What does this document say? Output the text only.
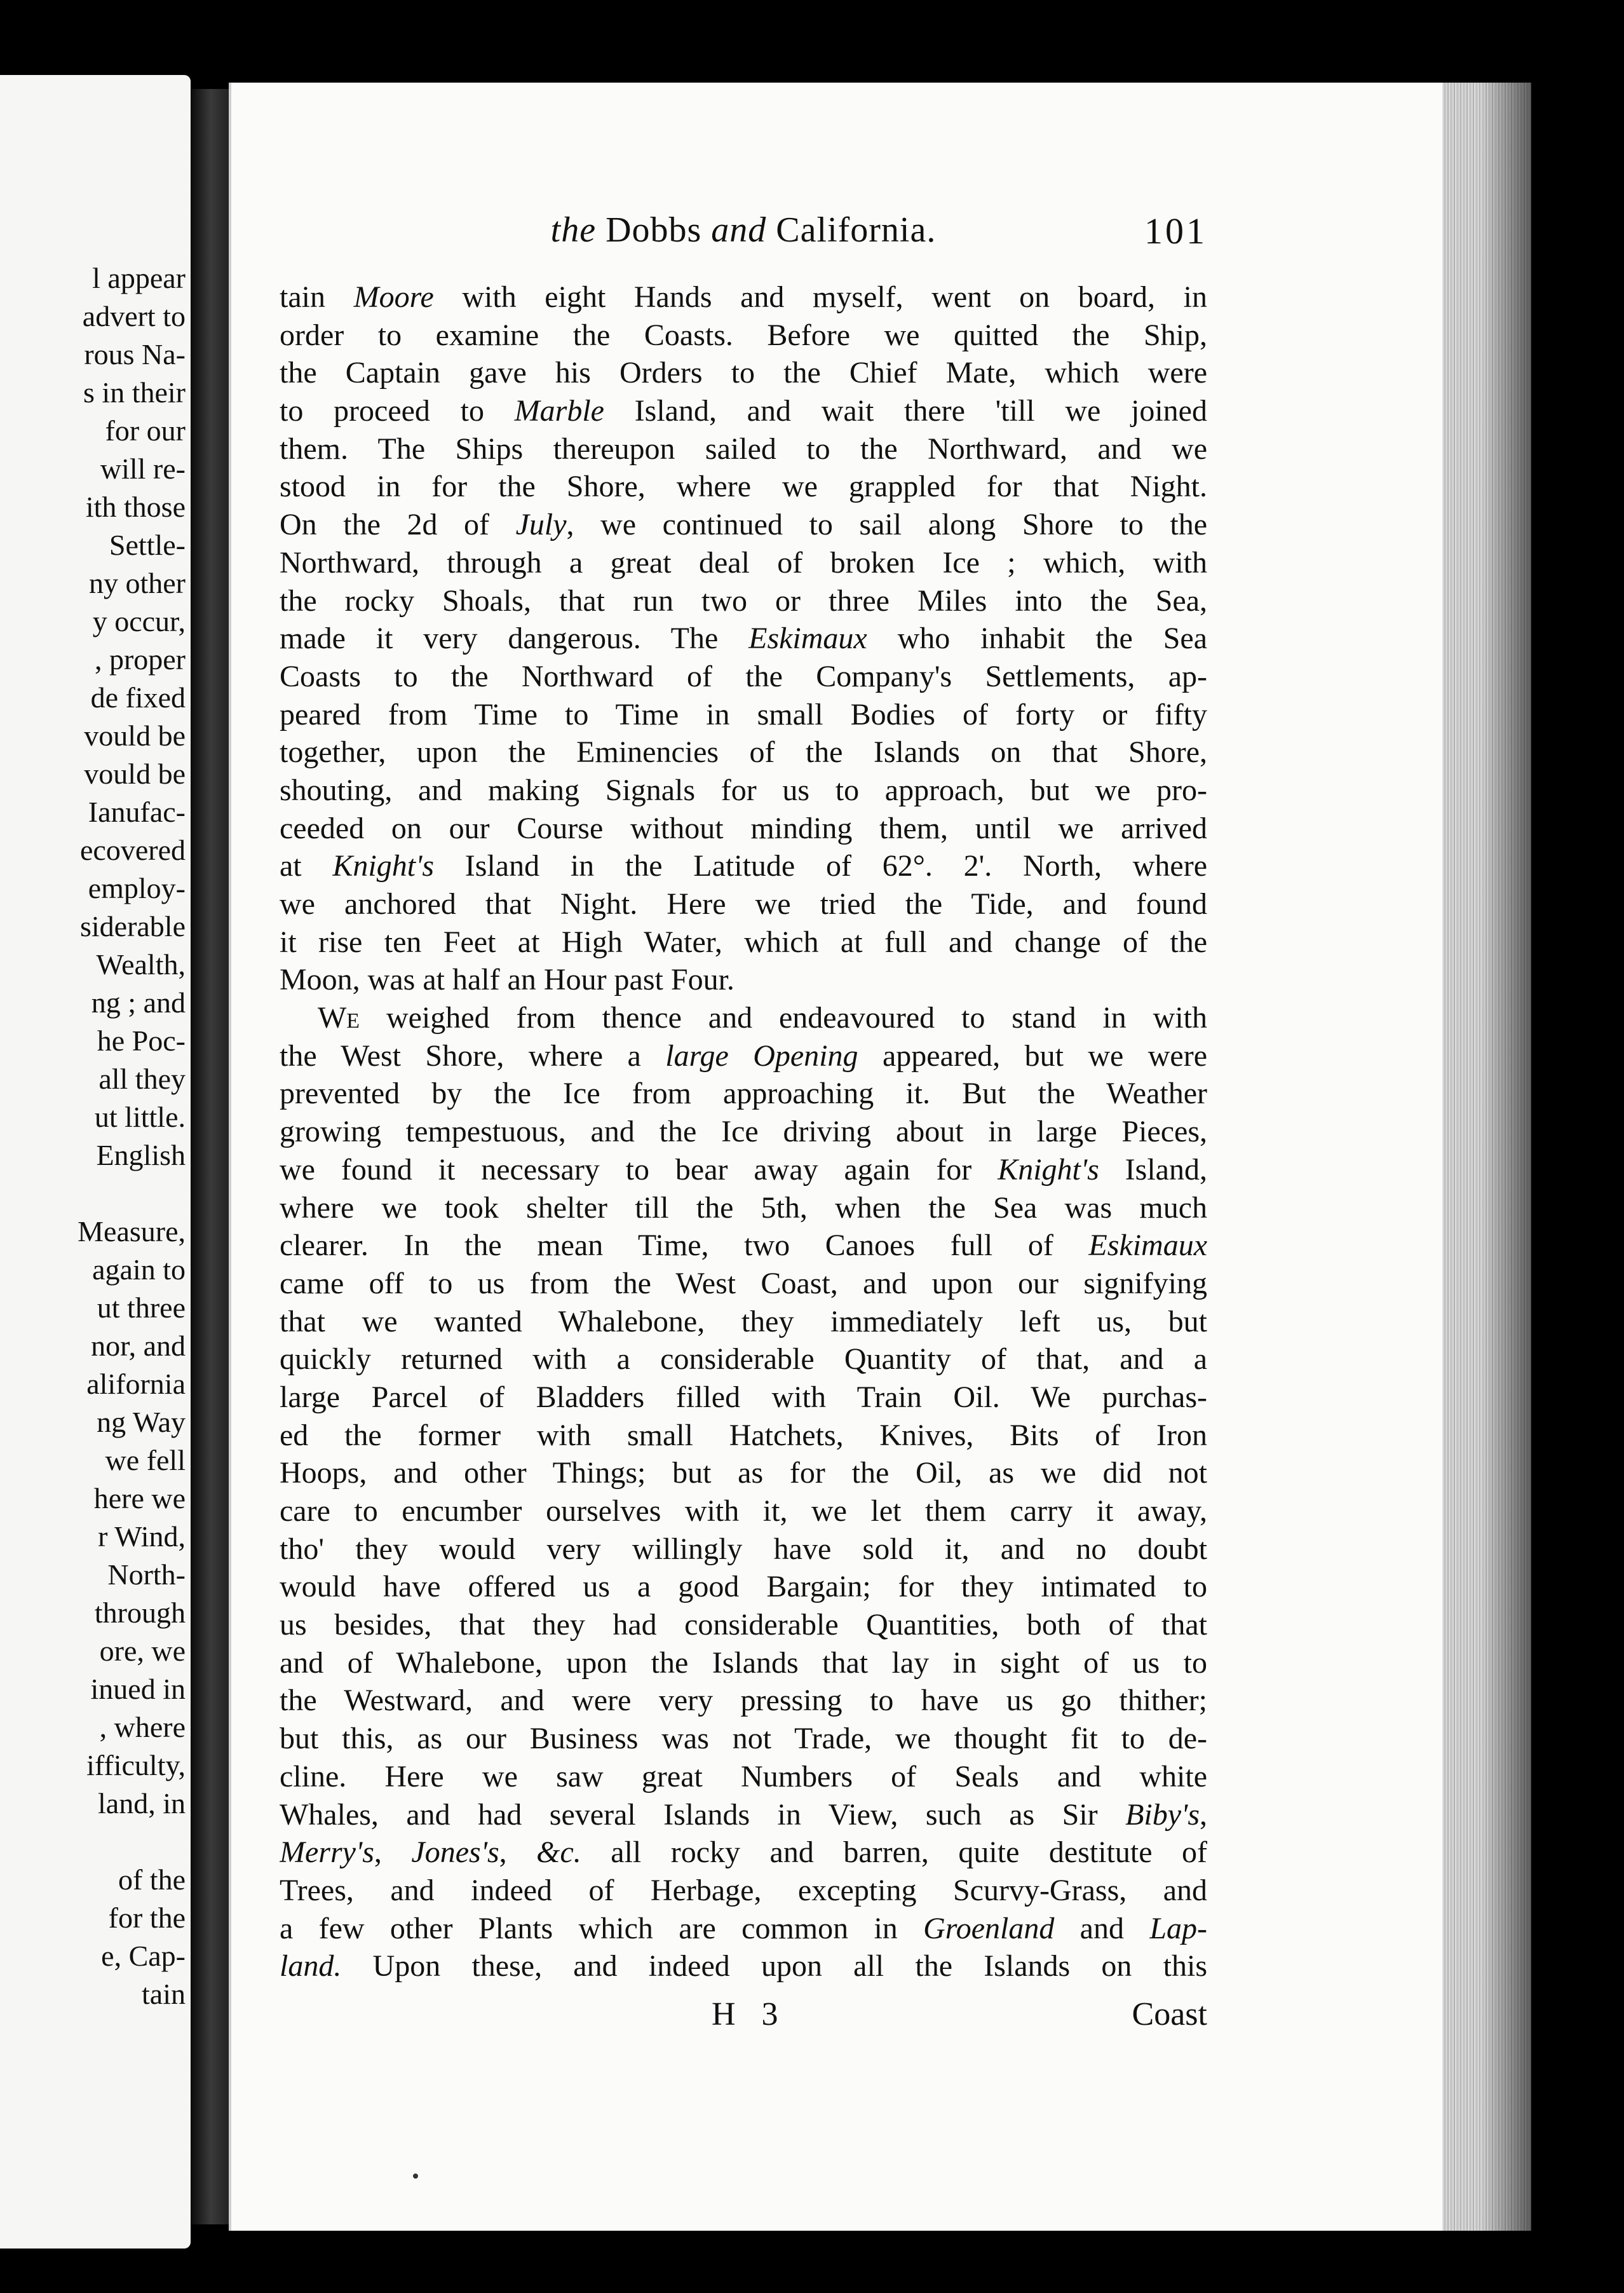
l appear
advert to
rous Na-
s in their
for our
will re-
ith those
Settle-
ny other
y occur,
, proper
de fixed
vould be
vould be
Ianufac-
ecovered
employ-
siderable
Wealth,
ng ; and
he Poc-
all they
ut little.
English
Measure,
again to
ut three
nor, and
alifornia
ng Way
we fell
here we
r Wind,
North-
through
ore, we
inued in
, where
ifficulty,
land, in
of the
for the
e, Cap-
tain
the Dobbs and California.	101
tain Moore with eight Hands and myself, went on board, in
order to examine the Coasts. Before we quitted the Ship,
the Captain gave his Orders to the Chief Mate, which were
to proceed to Marble Island, and wait there 'till we joined
them. The Ships thereupon sailed to the Northward, and we
stood in for the Shore, where we grappled for that Night.
On the 2d of July, we continued to sail along Shore to the
Northward, through a great deal of broken Ice ; which, with
the rocky Shoals, that run two or three Miles into the Sea,
made it very dangerous. The Eskimaux who inhabit the Sea
Coasts to the Northward of the Company's Settlements, ap-
peared from Time to Time in small Bodies of forty or fifty
together, upon the Eminencies of the Islands on that Shore,
shouting, and making Signals for us to approach, but we pro-
ceeded on our Course without minding them, until we arrived
at Knight's Island in the Latitude of 62°. 2'. North, where
we anchored that Night. Here we tried the Tide, and found
it rise ten Feet at High Water, which at full and change of the
Moon, was at half an Hour past Four.
We weighed from thence and endeavoured to stand in with
the West Shore, where a large Opening appeared, but we were
prevented by the Ice from approaching it. But the Weather
growing tempestuous, and the Ice driving about in large Pieces,
we found it necessary to bear away again for Knight's Island,
where we took shelter till the 5th, when the Sea was much
clearer. In the mean Time, two Canoes full of Eskimaux
came off to us from the West Coast, and upon our signifying
that we wanted Whalebone, they immediately left us, but
quickly returned with a considerable Quantity of that, and a
large Parcel of Bladders filled with Train Oil. We purchas-
ed the former with small Hatchets, Knives, Bits of Iron
Hoops, and other Things; but as for the Oil, as we did not
care to encumber ourselves with it, we let them carry it away,
tho' they would very willingly have sold it, and no doubt
would have offered us a good Bargain; for they intimated to
us besides, that they had considerable Quantities, both of that
and of Whalebone, upon the Islands that lay in sight of us to
the Westward, and were very pressing to have us go thither;
but this, as our Business was not Trade, we thought fit to de-
cline. Here we saw great Numbers of Seals and white
Whales, and had several Islands in View, such as Sir Biby's,
Merry's, Jones's, &c. all rocky and barren, quite destitute of
Trees, and indeed of Herbage, excepting Scurvy-Grass, and
a few other Plants which are common in Groenland and Lap-
land. Upon these, and indeed upon all the Islands on this
H 3	Coast
